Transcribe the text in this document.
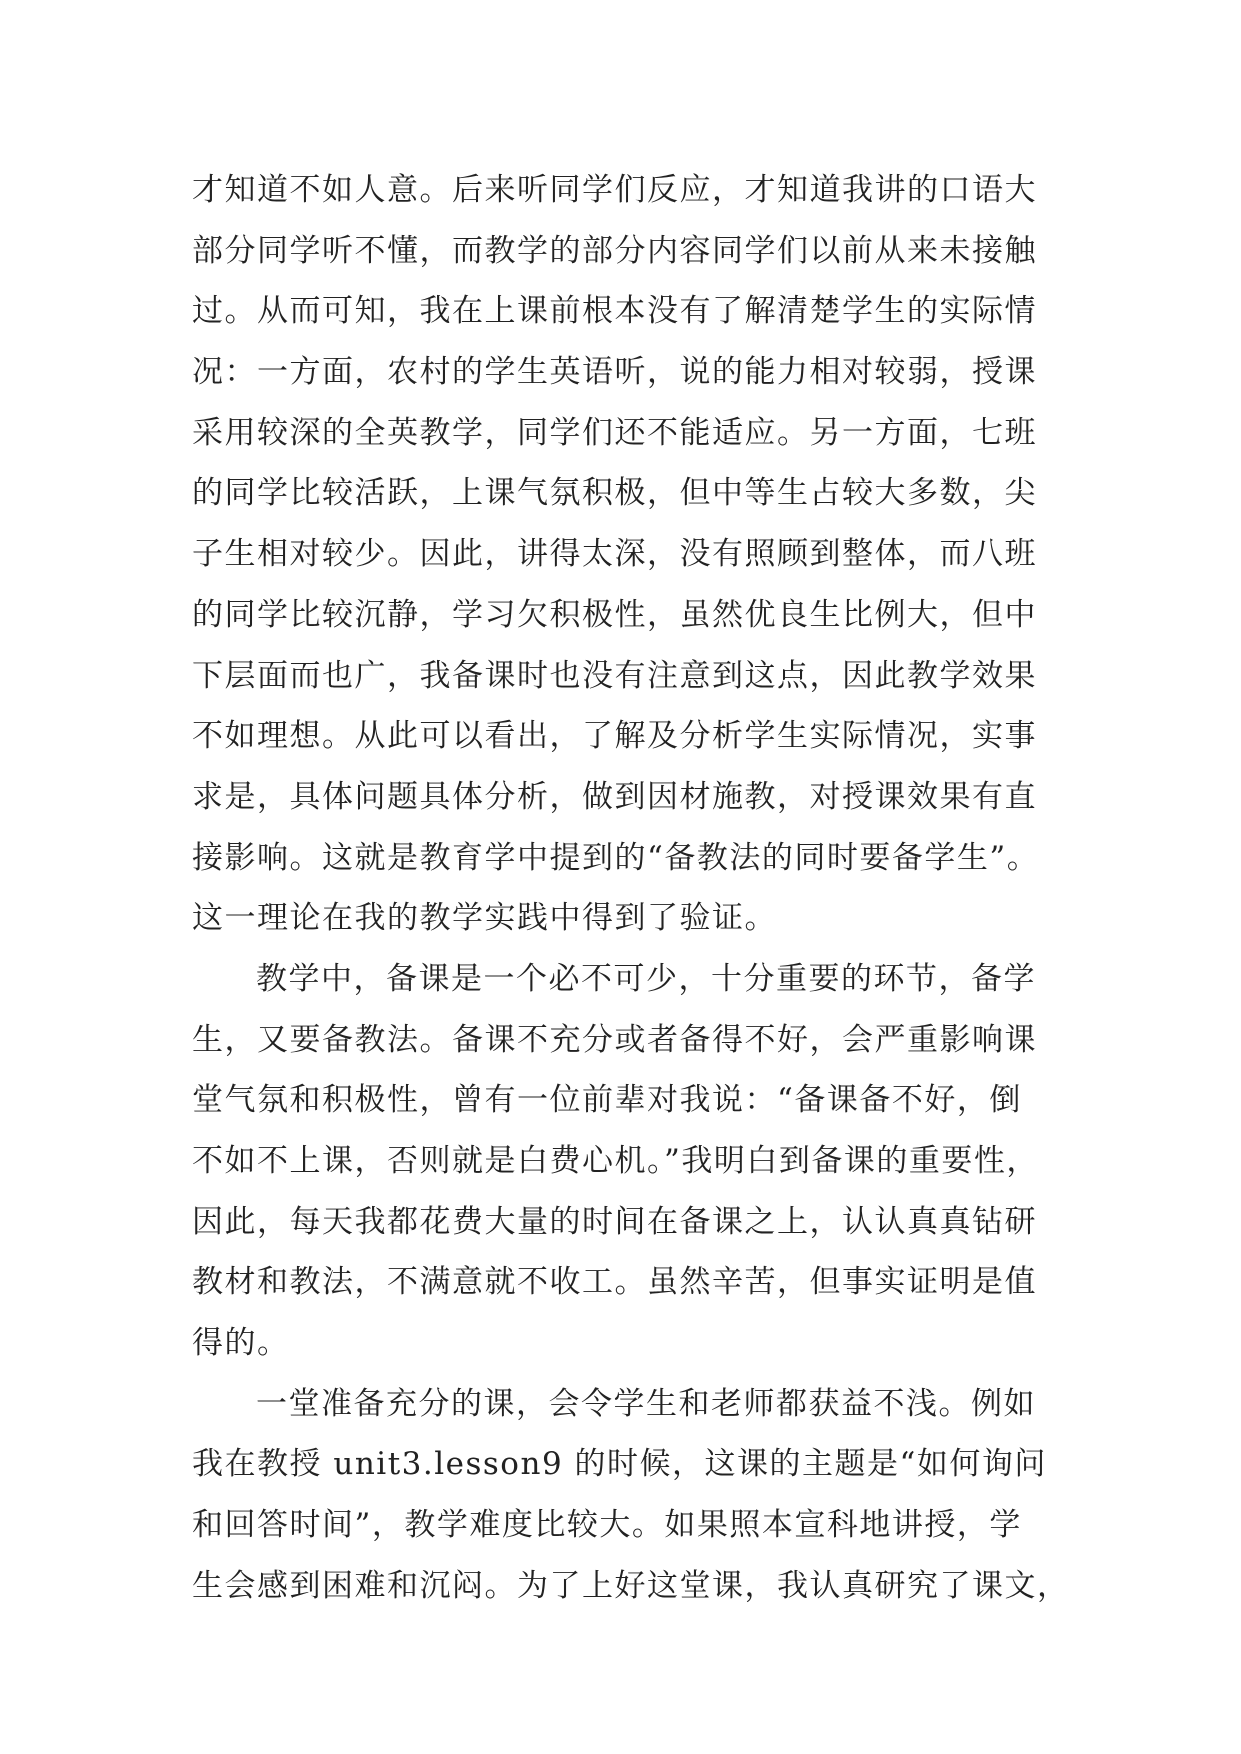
才知道不如人意。后来听同学们反应，才知道我讲的口语大
部分同学听不懂，而教学的部分内容同学们以前从来未接触
过。从而可知，我在上课前根本没有了解清楚学生的实际情
况：一方面，农村的学生英语听，说的能力相对较弱，授课
采用较深的全英教学，同学们还不能适应。另一方面，七班
的同学比较活跃，上课气氛积极，但中等生占较大多数，尖
子生相对较少。因此，讲得太深，没有照顾到整体，而八班
的同学比较沉静，学习欠积极性，虽然优良生比例大，但中
下层面而也广，我备课时也没有注意到这点，因此教学效果
不如理想。从此可以看出，了解及分析学生实际情况，实事
求是，具体问题具体分析，做到因材施教，对授课效果有直
接影响。这就是教育学中提到的“备教法的同时要备学生”。
这一理论在我的教学实践中得到了验证。
教学中，备课是一个必不可少，十分重要的环节，备学
生，又要备教法。备课不充分或者备得不好，会严重影响课
堂气氛和积极性，曾有一位前辈对我说：“备课备不好，倒
不如不上课，否则就是白费心机。”我明白到备课的重要性，
因此，每天我都花费大量的时间在备课之上，认认真真钻研
教材和教法，不满意就不收工。虽然辛苦，但事实证明是值
得的。
一堂准备充分的课，会令学生和老师都获益不浅。例如
我在教授 unit3.lesson9 的时候，这课的主题是“如何询问
和回答时间”，教学难度比较大。如果照本宣科地讲授，学
生会感到困难和沉闷。为了上好这堂课，我认真研究了课文，
